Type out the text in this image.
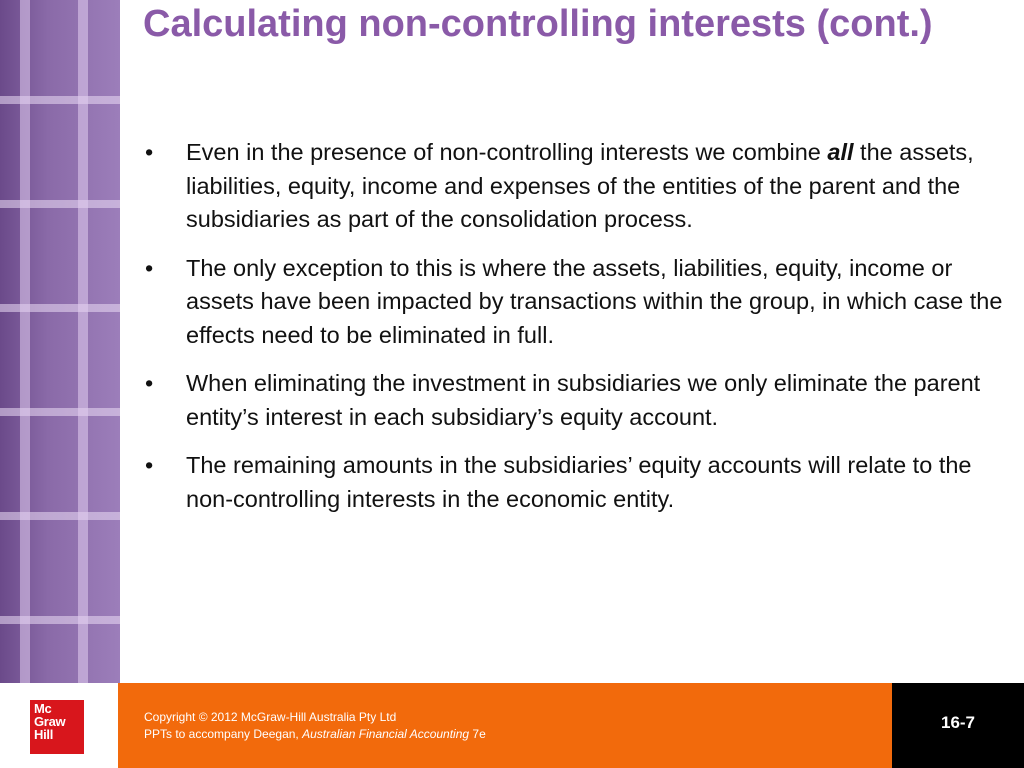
Calculating non-controlling interests (cont.)
• Even in the presence of non-controlling interests we combine all the assets, liabilities, equity, income and expenses of the entities of the parent and the subsidiaries as part of the consolidation process.
• The only exception to this is where the assets, liabilities, equity, income or assets have been impacted by transactions within the group, in which case the effects need to be eliminated in full.
• When eliminating the investment in subsidiaries we only eliminate the parent entity’s interest in each subsidiary’s equity account.
• The remaining amounts in the subsidiaries’ equity accounts will relate to the non-controlling interests in the economic entity.
Mc
Graw
Hill
Copyright © 2012 McGraw-Hill Australia Pty Ltd
PPTs to accompany Deegan, Australian Financial Accounting 7e
16-7
